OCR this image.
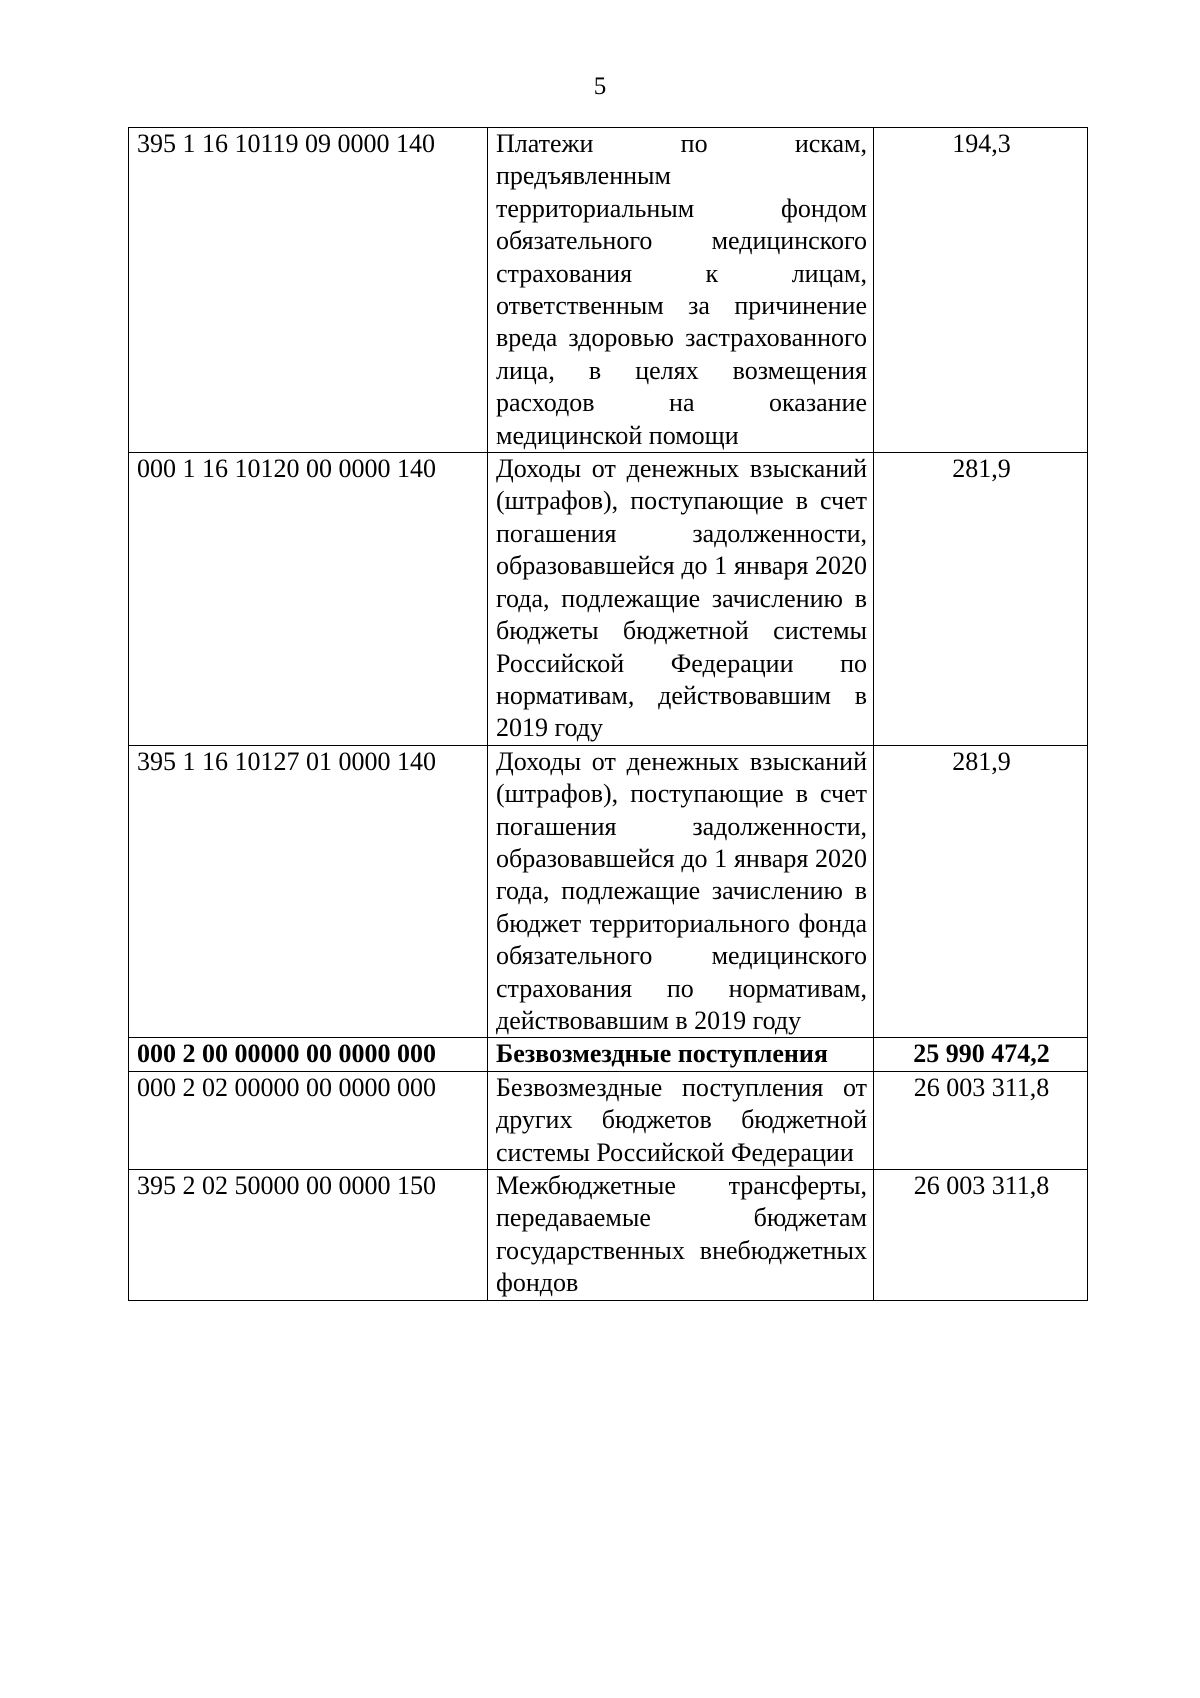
5
395 1 16 10119 09 0000 140	Платежи по искам, предъявленным территориальным фондом обязательного медицинского страхования к лицам, ответственным за причинение вреда здоровью застрахованного лица, в целях возмещения расходов на оказание медицинской помощи	194,3
000 1 16 10120 00 0000 140	Доходы от денежных взысканий (штрафов), поступающие в счет погашения задолженности, образовавшейся до 1 января 2020 года, подлежащие зачислению в бюджеты бюджетной системы Российской Федерации по нормативам, действовавшим в 2019 году	281,9
395 1 16 10127 01 0000 140	Доходы от денежных взысканий (штрафов), поступающие в счет погашения задолженности, образовавшейся до 1 января 2020 года, подлежащие зачислению в бюджет территориального фонда обязательного медицинского страхования по нормативам, действовавшим в 2019 году	281,9
000 2 00 00000 00 0000 000	Безвозмездные поступления	25 990 474,2
000 2 02 00000 00 0000 000	Безвозмездные поступления от других бюджетов бюджетной системы Российской Федерации	26 003 311,8
395 2 02 50000 00 0000 150	Межбюджетные трансферты, передаваемые бюджетам государственных внебюджетных фондов	26 003 311,8
